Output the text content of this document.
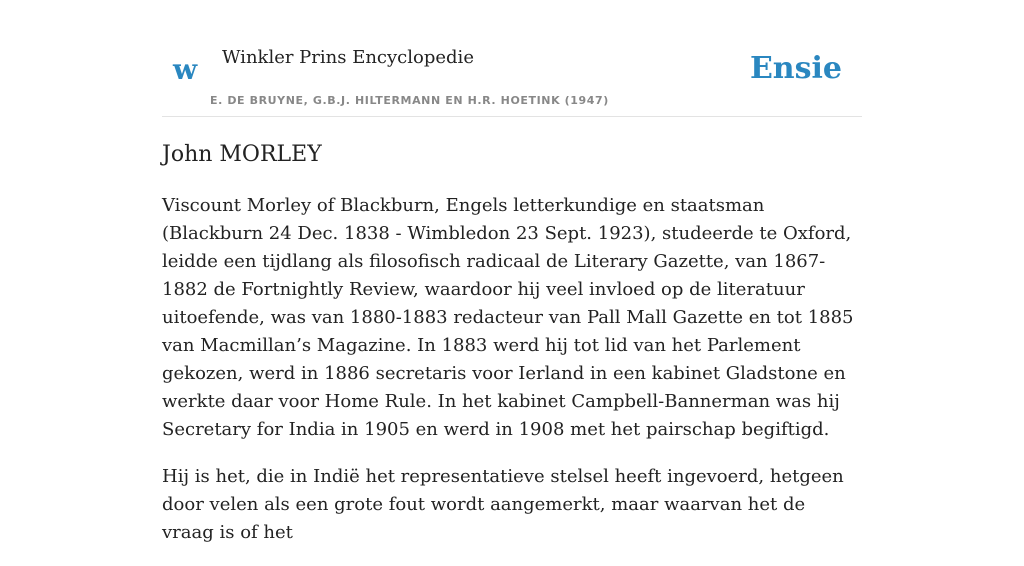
w Winkler Prins Encyclopedie
E. DE BRUYNE, G.B.J. HILTERMANN EN H.R. HOETINK (1947)
Ensie
John MORLEY

Viscount Morley of Blackburn, Engels letterkundige en staatsman (Blackburn 24 Dec. 1838 - Wimbledon 23 Sept. 1923), studeerde te Oxford, leidde een tijdlang als filosofisch radicaal de Literary Gazette, van 1867-1882 de Fortnightly Review, waardoor hij veel invloed op de literatuur uitoefende, was van 1880-1883 redacteur van Pall Mall Gazette en tot 1885 van Macmillan’s Magazine. In 1883 werd hij tot lid van het Parlement gekozen, werd in 1886 secretaris voor Ierland in een kabinet Gladstone en werkte daar voor Home Rule. In het kabinet Campbell-Bannerman was hij Secretary for India in 1905 en werd in 1908 met het pairschap begiftigd.

Hij is het, die in Indië het representatieve stelsel heeft ingevoerd, hetgeen door velen als een grote fout wordt aangemerkt, maar waarvan het de vraag is of het
